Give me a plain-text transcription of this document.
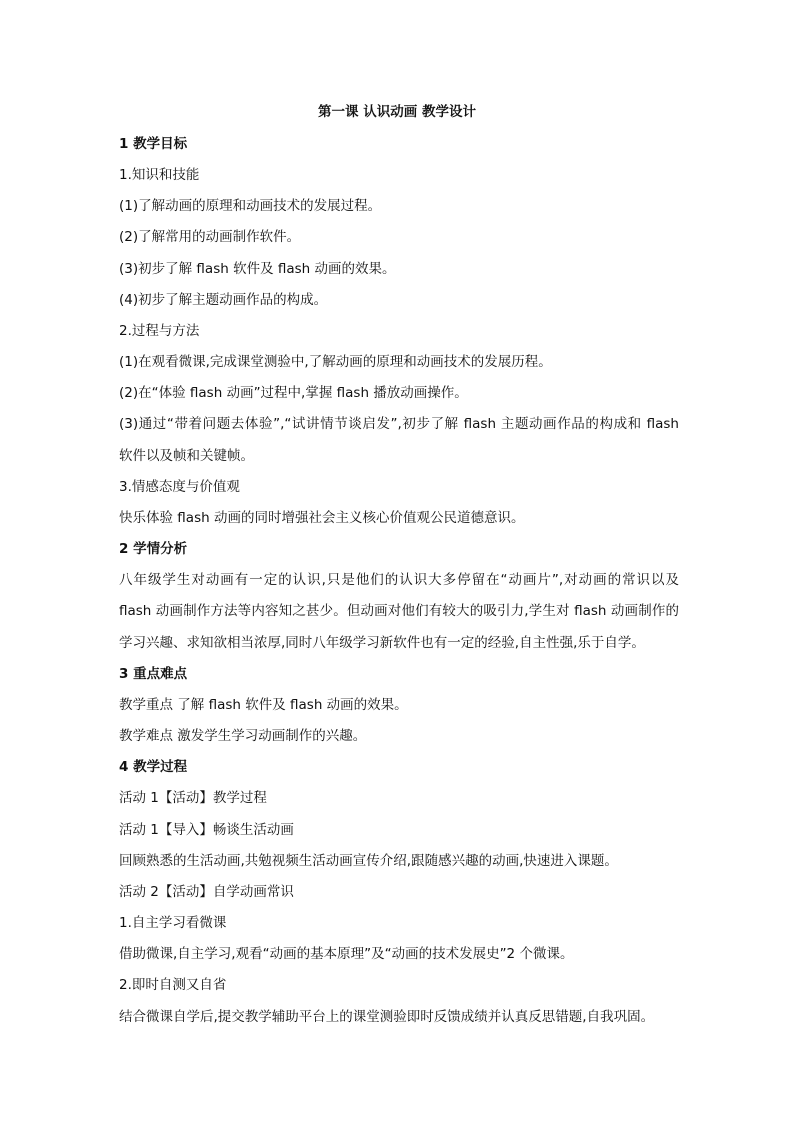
第一课 认识动画 教学设计
1 教学目标
1.知识和技能
(1)了解动画的原理和动画技术的发展过程。
(2)了解常用的动画制作软件。
(3)初步了解 flash 软件及 flash 动画的效果。
(4)初步了解主题动画作品的构成。
2.过程与方法
(1)在观看微课,完成课堂测验中,了解动画的原理和动画技术的发展历程。
(2)在“体验 flash 动画”过程中,掌握 flash 播放动画操作。
(3)通过“带着问题去体验”,“试讲情节谈启发”,初步了解 flash 主题动画作品的构成和 flash
软件以及帧和关键帧。
3.情感态度与价值观
快乐体验 flash 动画的同时增强社会主义核心价值观公民道德意识。
2 学情分析
八年级学生对动画有一定的认识,只是他们的认识大多停留在“动画片”,对动画的常识以及
flash 动画制作方法等内容知之甚少。但动画对他们有较大的吸引力,学生对 flash 动画制作的
学习兴趣、求知欲相当浓厚,同时八年级学习新软件也有一定的经验,自主性强,乐于自学。
3 重点难点
教学重点 了解 flash 软件及 flash 动画的效果。
教学难点 激发学生学习动画制作的兴趣。
4 教学过程
活动 1【活动】教学过程
活动 1【导入】畅谈生活动画
回顾熟悉的生活动画,共勉视频生活动画宣传介绍,跟随感兴趣的动画,快速进入课题。
活动 2【活动】自学动画常识
1.自主学习看微课
借助微课,自主学习,观看“动画的基本原理”及“动画的技术发展史”2 个微课。
2.即时自测又自省
结合微课自学后,提交教学辅助平台上的课堂测验即时反馈成绩并认真反思错题,自我巩固。
